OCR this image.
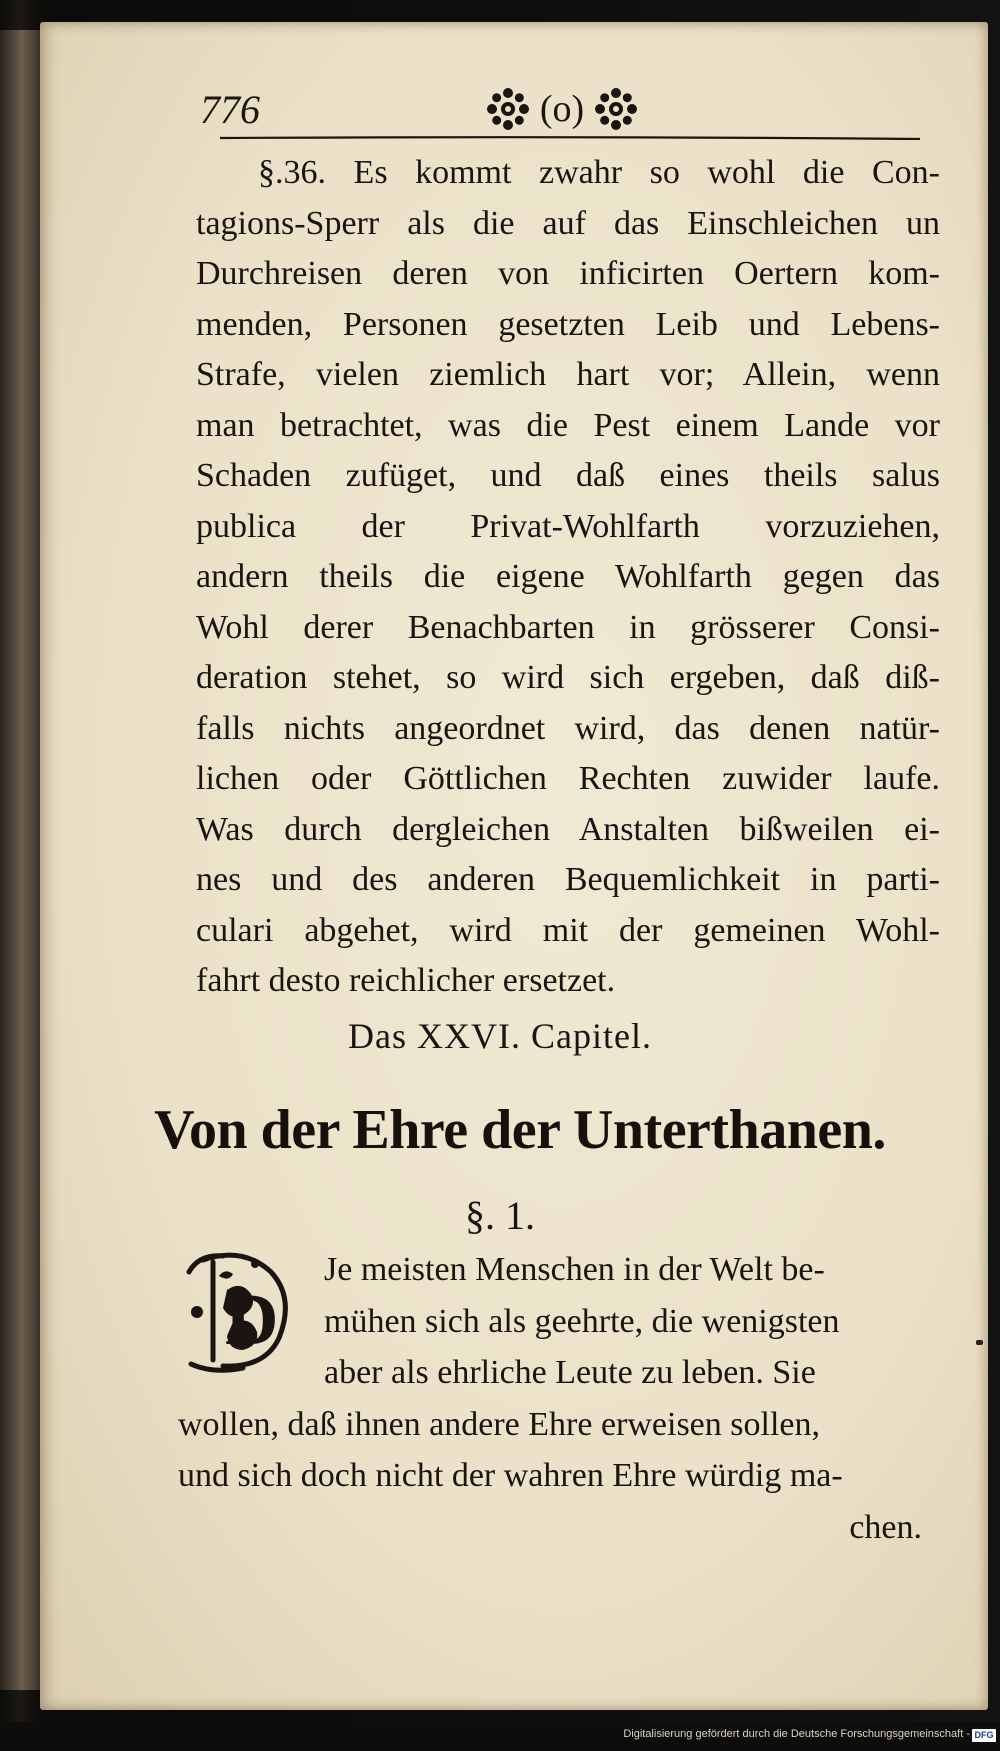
776	(o)
§.36. Es kommt zwahr so wohl die Con-
tagions-Sperr als die auf das Einschleichen un
Durchreisen deren von inficirten Oertern kom-
menden, Personen gesetzten Leib und Lebens-
Strafe, vielen ziemlich hart vor; Allein, wenn
man betrachtet, was die Pest einem Lande vor
Schaden zufüget, und daß eines theils salus
publica der Privat-Wohlfarth vorzuziehen,
andern theils die eigene Wohlfarth gegen das
Wohl derer Benachbarten in grösserer Consi-
deration stehet, so wird sich ergeben, daß diß-
falls nichts angeordnet wird, das denen natür-
lichen oder Göttlichen Rechten zuwider laufe.
Was durch dergleichen Anstalten bißweilen ei-
nes und des anderen Bequemlichkeit in parti-
culari abgehet, wird mit der gemeinen Wohl-
fahrt desto reichlicher ersetzet.
Das XXVI. Capitel.
Von der Ehre der Unterthanen.
§. 1.
D
Je meisten Menschen in der Welt be-
mühen sich als geehrte, die wenigsten
aber als ehrliche Leute zu leben. Sie
wollen, daß ihnen andere Ehre erweisen sollen,
und sich doch nicht der wahren Ehre würdig ma-
chen.
Digitalisierung gefördert durch die Deutsche Forschungsgemeinschaft - DFG
